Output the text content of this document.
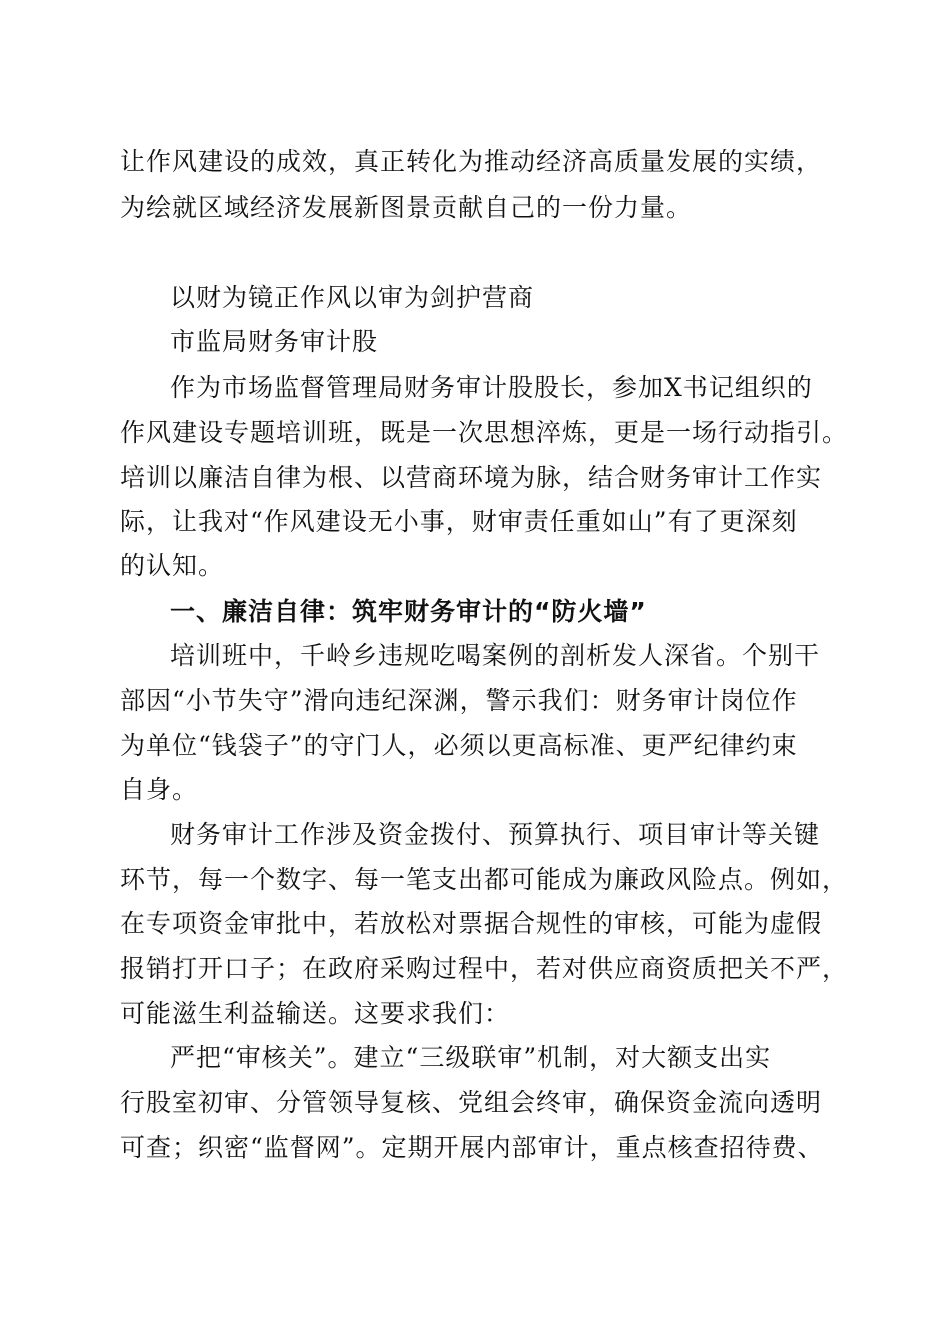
让作风建设的成效，真正转化为推动经济高质量发展的实绩，
为绘就区域经济发展新图景贡献自己的一份力量。
以财为镜正作风以审为剑护营商
市监局财务审计股
作为市场监督管理局财务审计股股长，参加X书记组织的
作风建设专题培训班，既是一次思想淬炼，更是一场行动指引。
培训以廉洁自律为根、以营商环境为脉，结合财务审计工作实
际，让我对“作风建设无小事，财审责任重如山”有了更深刻
的认知。
一、廉洁自律：筑牢财务审计的“防火墙”
培训班中，千岭乡违规吃喝案例的剖析发人深省。个别干
部因“小节失守”滑向违纪深渊，警示我们：财务审计岗位作
为单位“钱袋子”的守门人，必须以更高标准、更严纪律约束
自身。
财务审计工作涉及资金拨付、预算执行、项目审计等关键
环节，每一个数字、每一笔支出都可能成为廉政风险点。例如，
在专项资金审批中，若放松对票据合规性的审核，可能为虚假
报销打开口子；在政府采购过程中，若对供应商资质把关不严，
可能滋生利益输送。这要求我们：
严把“审核关”。建立“三级联审”机制，对大额支出实
行股室初审、分管领导复核、党组会终审，确保资金流向透明
可查；织密“监督网”。定期开展内部审计，重点核查招待费、
